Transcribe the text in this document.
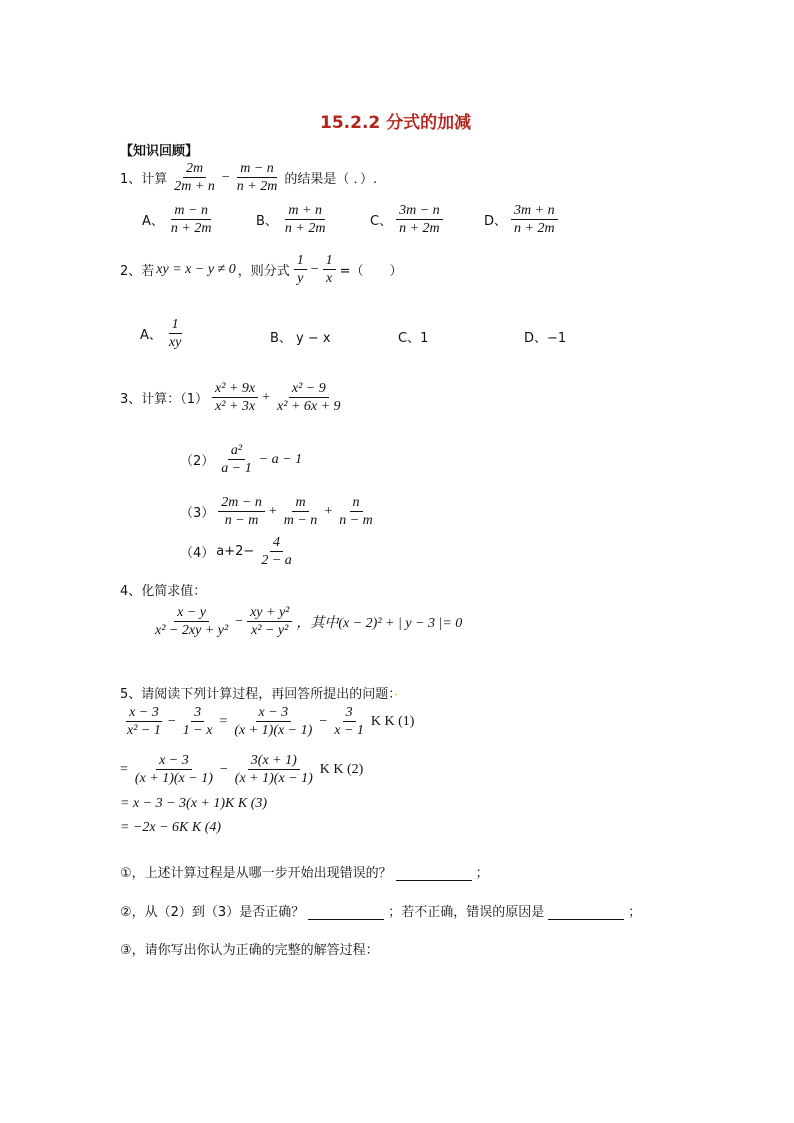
15.2.2 分式的加减
【知识回顾】
1、计算 $\frac{2m}{2m + n} - \frac{m - n}{n + 2m}$ 的结果是（ ．）.
A、 $\frac{m - n}{n + 2m}$	B、 $\frac{m + n}{n + 2m}$	C、 $\frac{3m - n}{n + 2m}$	D、 $\frac{3m + n}{n + 2m}$
2、若 xy = x − y ≠ 0 ，则分式 $\frac{1}{y} - \frac{1}{x}$ =（　　）
A、 $\frac{1}{xy}$	B、 y − x	C、1	D、−1
3、计算：$(1) \frac{\text{x² + 9x}}{\text{x² + 3x}} + \frac{\text{x² − 9}}{\text{x² + 6x + 9}}$
$(2) \frac{\text{a²}}{a - 1} - a - 1$
$(3) \frac{2m - n}{n - m} + \frac{m}{m - n} + \frac{n}{n - m}$
（4） $a+2- \frac{4}{2 - a}$
4、化简求值：
$\frac{x - y}{\text{x² − 2xy + y²}} - \frac{\text{xy + y²}}{\text{x² − y²}}$ ，其中(x − 2)² + | y − 3 |= 0
5、请阅读下列计算过程，再回答所提出的问题：·
$\frac{x - 3}{\text{x² − 1}} - \frac{3}{1 - x} = \frac{x - 3}{(x + 1)(x - 1)} - \frac{3}{x - 1}$ K K (1)
= $\frac{x - 3}{(x + 1)(x - 1)} - \frac{3(x + 1)}{(x + 1)(x - 1)}$ K K (2)
= x − 3 − 3(x + 1)K K (3)
= −2x − 6K K (4)
①，上述计算过程是从哪一步开始出现错误的？	；
②，从（2）到（3）是否正确？	；若不正确，错误的原因是	；
③，请你写出你认为正确的完整的解答过程：
